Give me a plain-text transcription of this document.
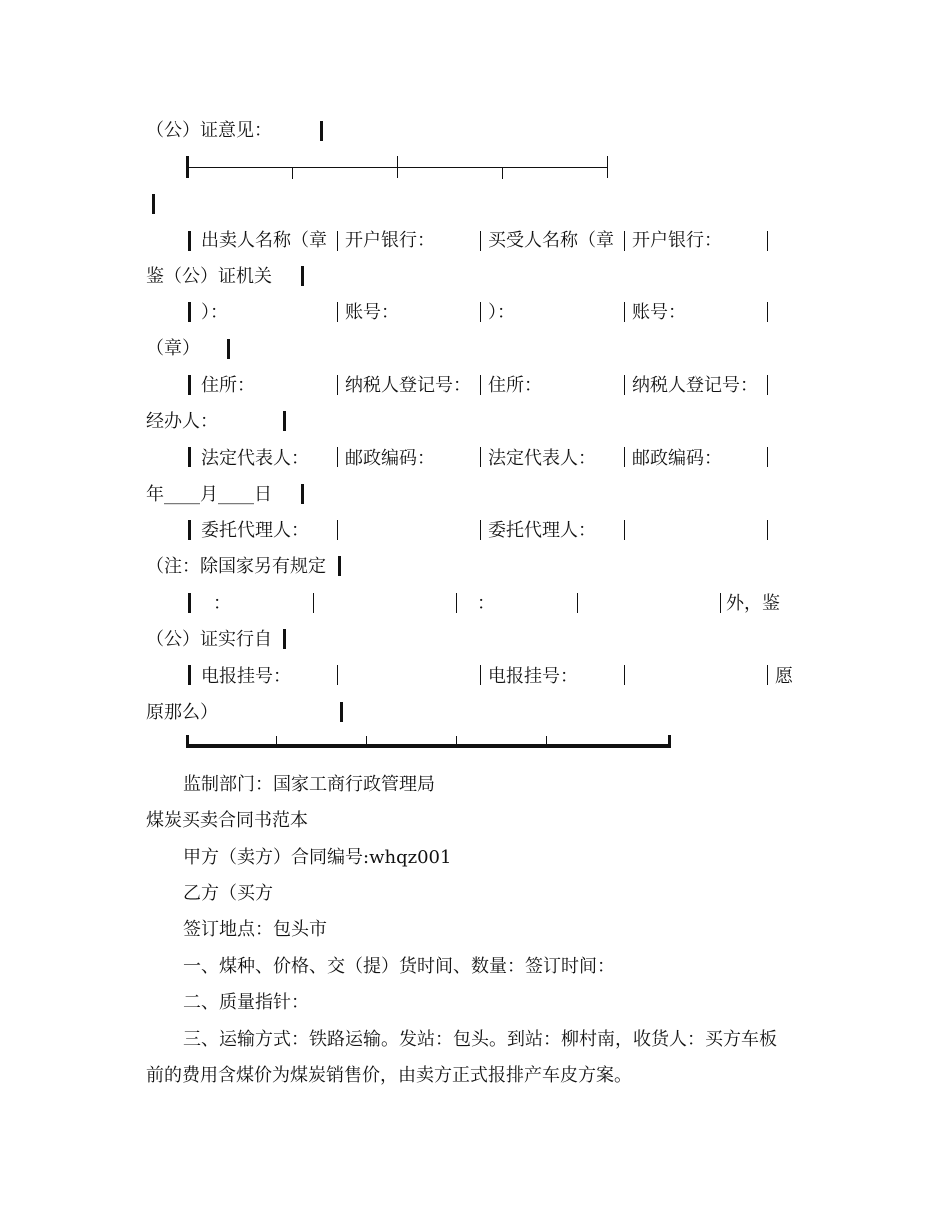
（公）证意见：
出卖人名称（章 开户银行：	买受人名称（章 开户银行：
鉴（公）证机关
）：	账号：	）：	账号：
（章）
住所：	纳税人登记号： 住所：	纳税人登记号：
经办人：
法定代表人： 邮政编码：	法定代表人： 邮政编码：
年____月____日
委托代理人：	委托代理人：
（注：除国家另有规定
：	：	外，鉴
（公）证实行自
电报挂号：	电报挂号：	愿
原那么）
监制部门：国家工商行政管理局
煤炭买卖合同书范本
甲方（卖方）合同编号:whqz001
乙方（买方
签订地点：包头市
一、煤种、价格、交（提）货时间、数量：签订时间：
二、质量指针：
三、运输方式：铁路运输。发站：包头。到站：柳村南，收货人：买方车板
前的费用含煤价为煤炭销售价，由卖方正式报排产车皮方案。
